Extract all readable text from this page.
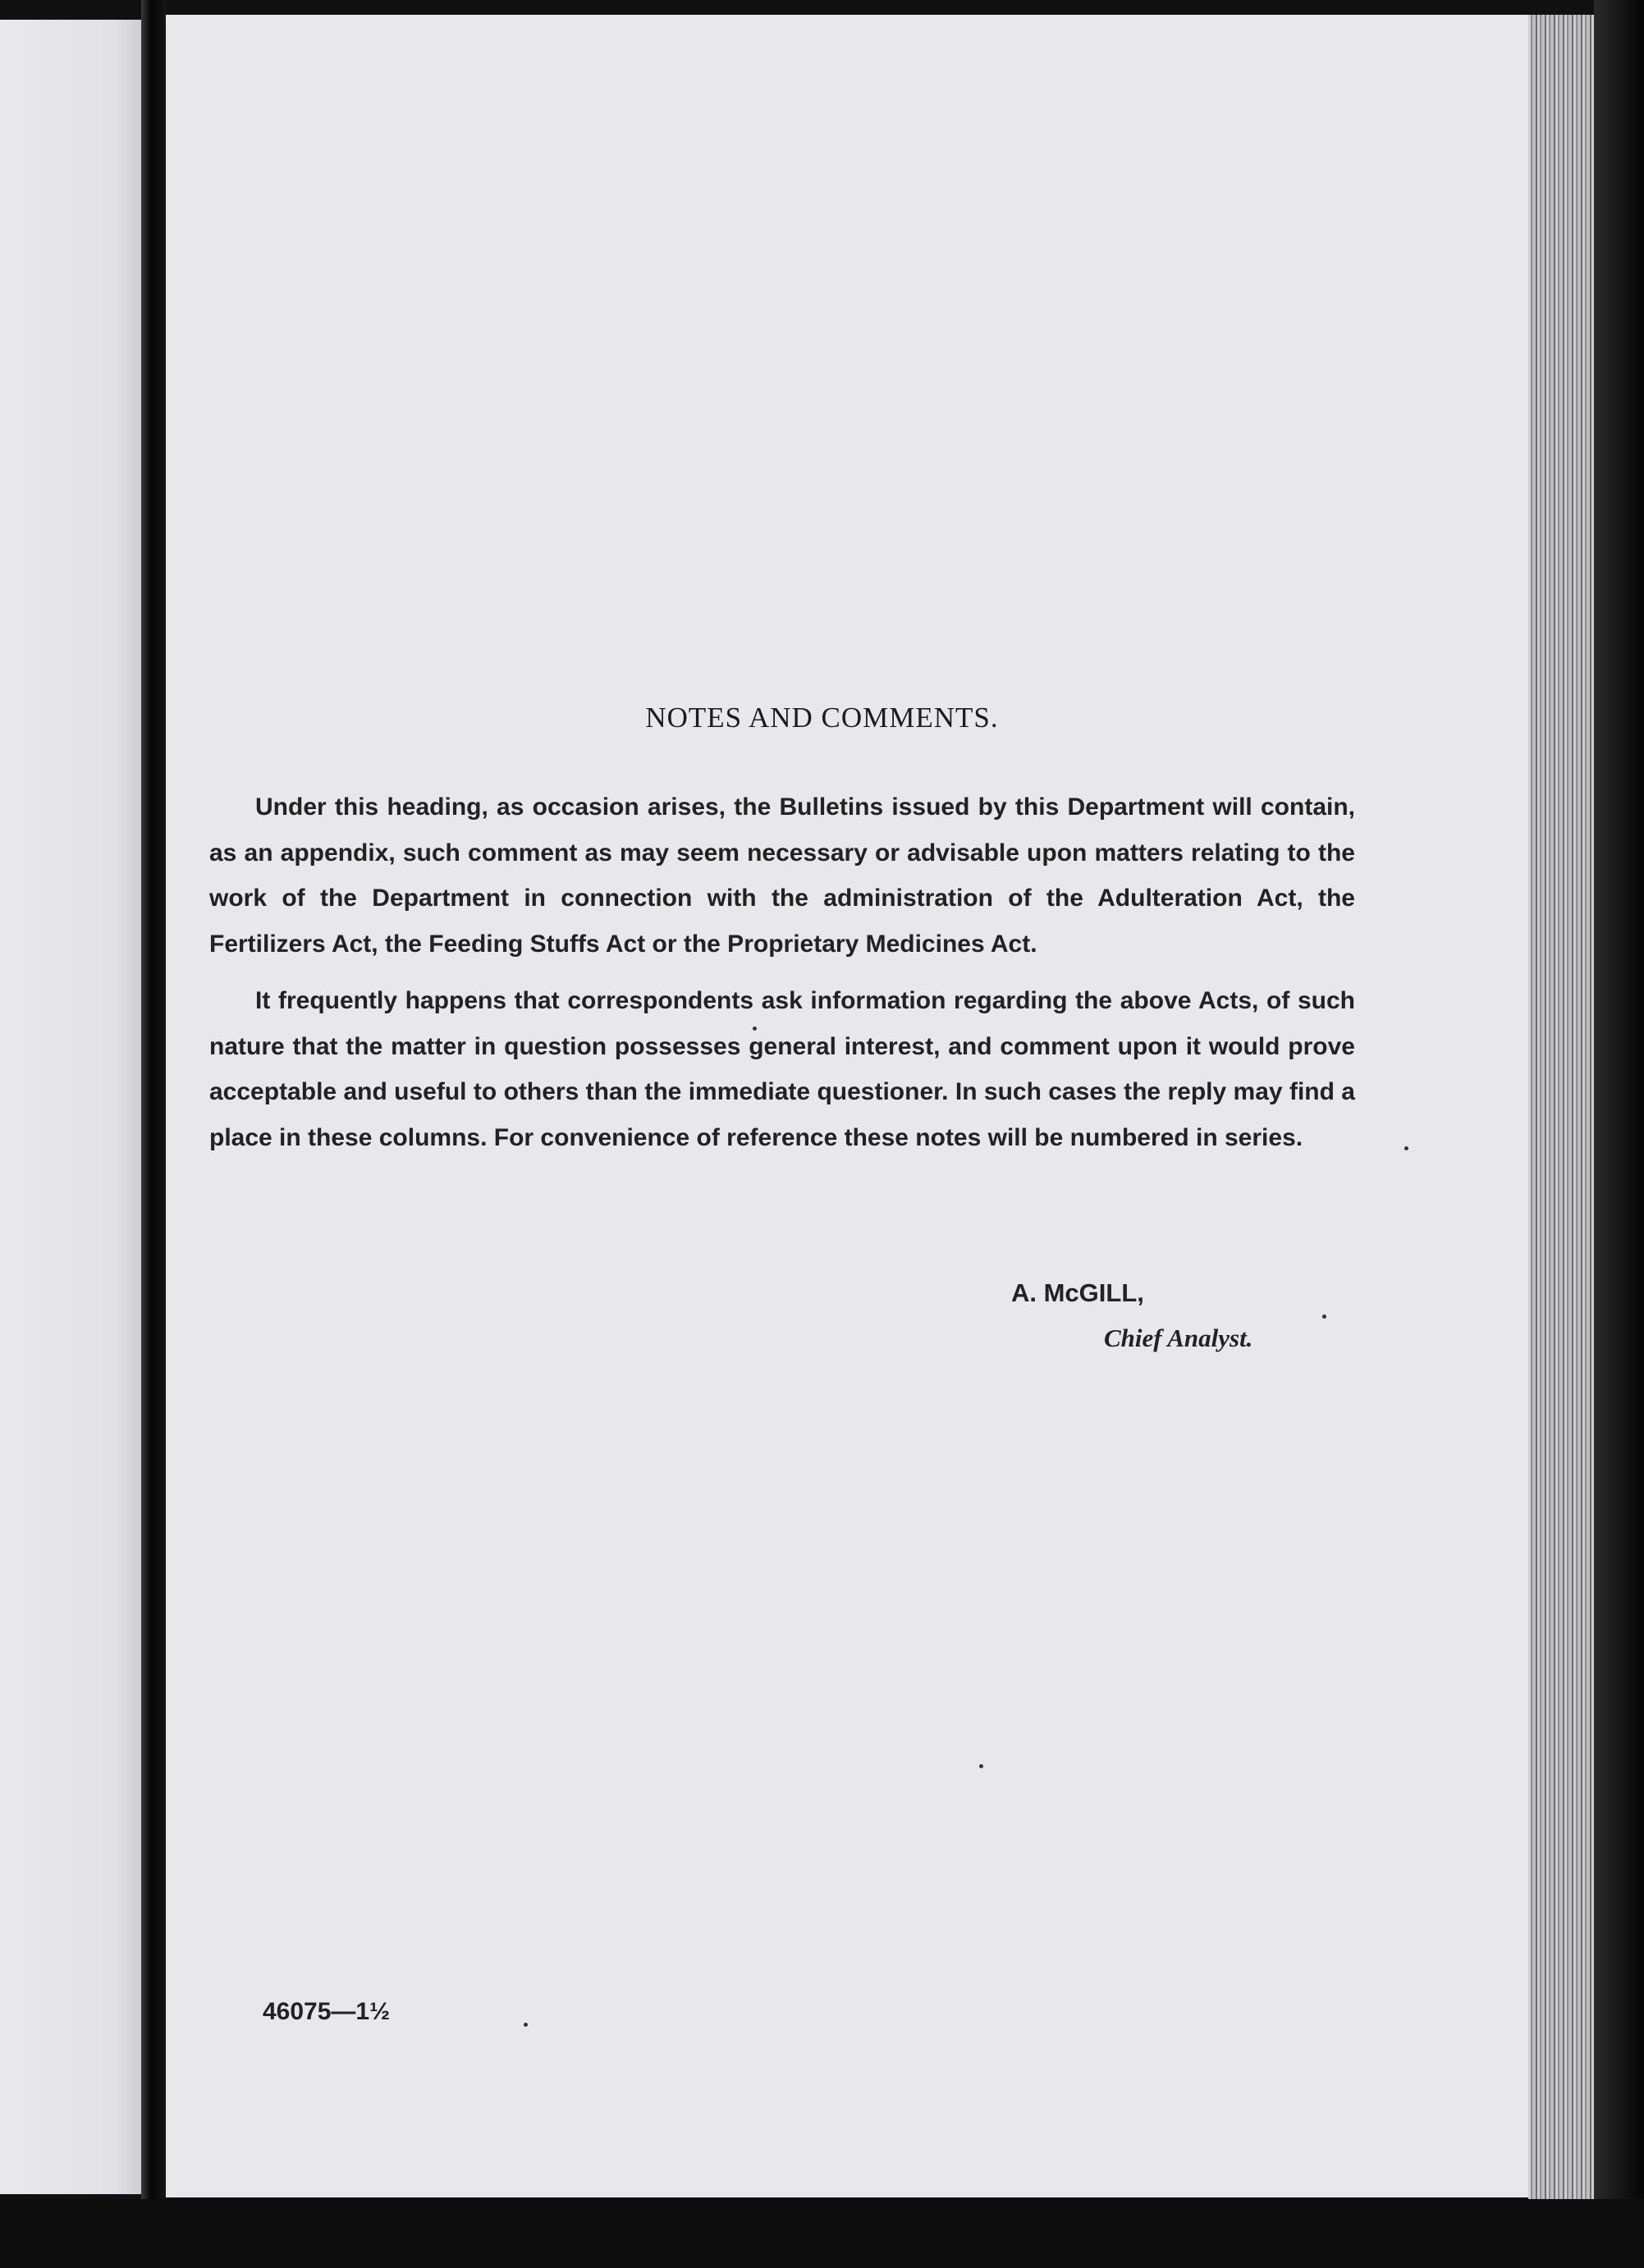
NOTES AND COMMENTS.

Under this heading, as occasion arises, the Bulletins issued by this Department will contain, as an appendix, such comment as may seem necessary or advisable upon matters relating to the work of the Department in connection with the administration of the Adulteration Act, the Fertilizers Act, the Feeding Stuffs Act or the Proprietary Medicines Act.

It frequently happens that correspondents ask information regarding the above Acts, of such nature that the matter in question possesses general interest, and comment upon it would prove acceptable and useful to others than the immediate questioner. In such cases the reply may find a place in these columns. For convenience of reference these notes will be numbered in series.

A. McGILL,
Chief Analyst.
46075—1½
